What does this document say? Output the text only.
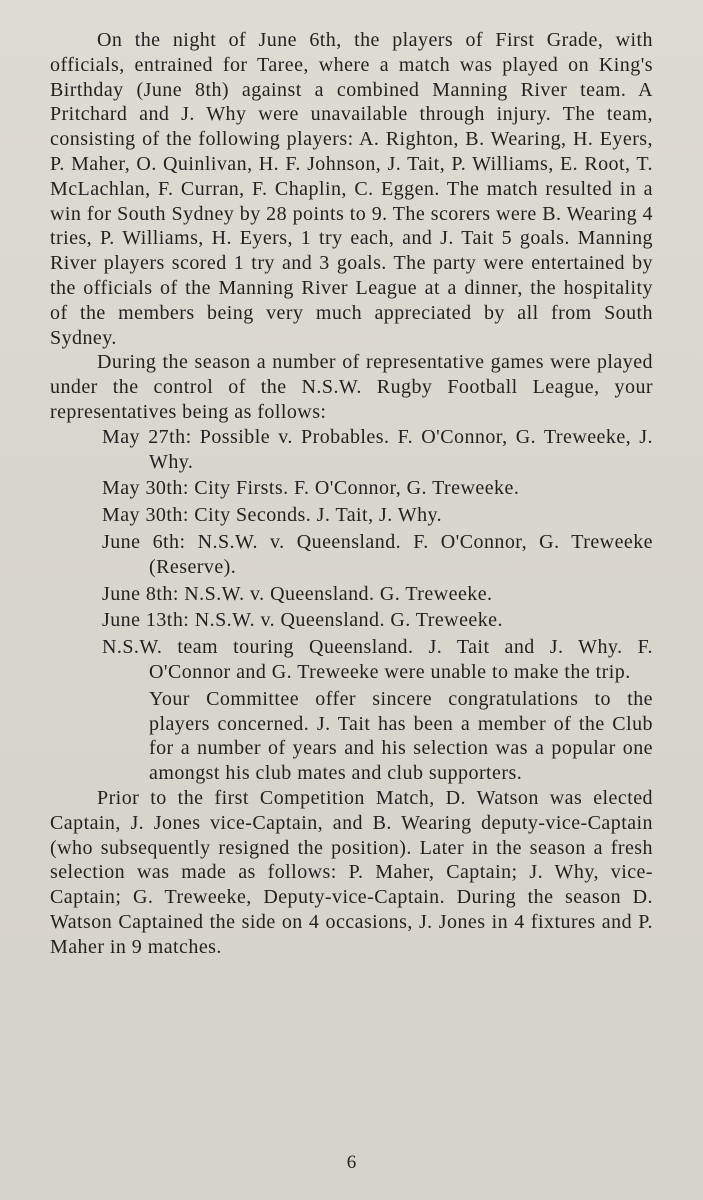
On the night of June 6th, the players of First Grade, with officials, entrained for Taree, where a match was played on King's Birthday (June 8th) against a combined Manning River team. A Pritchard and J. Why were unavailable through injury. The team, consisting of the following players: A. Righton, B. Wearing, H. Eyers, P. Maher, O. Quinlivan, H. F. Johnson, J. Tait, P. Williams, E. Root, T. McLachlan, F. Curran, F. Chaplin, C. Eggen. The match resulted in a win for South Sydney by 28 points to 9. The scorers were B. Wearing 4 tries, P. Williams, H. Eyers, 1 try each, and J. Tait 5 goals. Manning River players scored 1 try and 3 goals. The party were entertained by the officials of the Manning River League at a dinner, the hospitality of the members being very much appreciated by all from South Sydney.

During the season a number of representative games were played under the control of the N.S.W. Rugby Football League, your representatives being as follows:

May 27th: Possible v. Probables. F. O'Connor, G. Treweeke, J. Why.
May 30th: City Firsts. F. O'Connor, G. Treweeke.
May 30th: City Seconds. J. Tait, J. Why.
June 6th: N.S.W. v. Queensland. F. O'Connor, G. Treweeke (Reserve).
June 8th: N.S.W. v. Queensland. G. Treweeke.
June 13th: N.S.W. v. Queensland. G. Treweeke.
N.S.W. team touring Queensland. J. Tait and J. Why. F. O'Connor and G. Treweeke were unable to make the trip.

Your Committee offer sincere congratulations to the players concerned. J. Tait has been a member of the Club for a number of years and his selection was a popular one amongst his club mates and club supporters.

Prior to the first Competition Match, D. Watson was elected Captain, J. Jones vice-Captain, and B. Wearing deputy-vice-Captain (who subsequently resigned the position). Later in the season a fresh selection was made as follows: P. Maher, Captain; J. Why, vice-Captain; G. Treweeke, Deputy-vice-Captain. During the season D. Watson Captained the side on 4 occasions, J. Jones in 4 fixtures and P. Maher in 9 matches.

6
